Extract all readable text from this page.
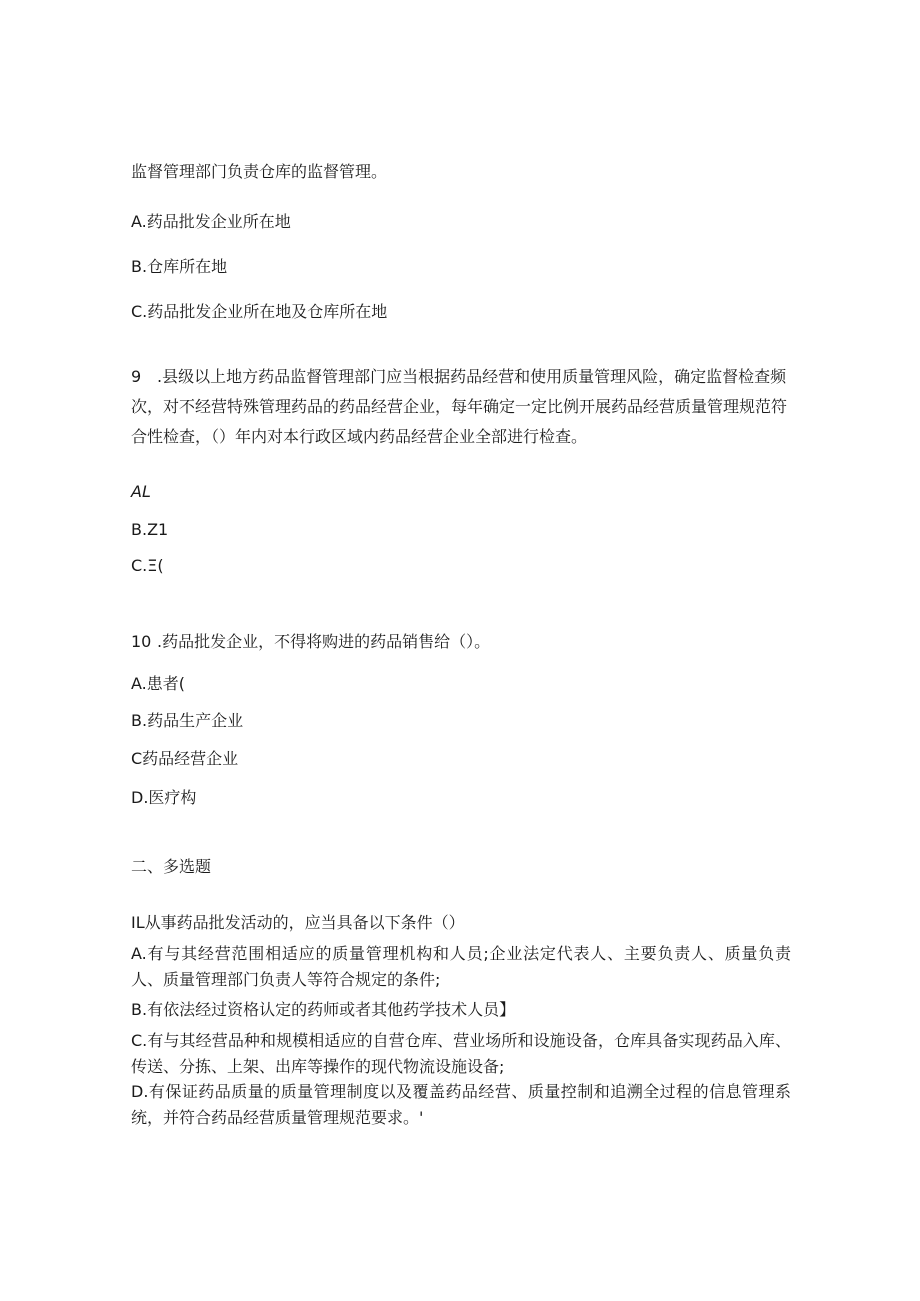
监督管理部门负责仓库的监督管理。

A.药品批发企业所在地

B.仓库所在地

C.药品批发企业所在地及仓库所在地

9 .县级以上地方药品监督管理部门应当根据药品经营和使用质量管理风险，确定监督检查频次，对不经营特殊管理药品的药品经营企业，每年确定一定比例开展药品经营质量管理规范符合性检查，（）年内对本行政区域内药品经营企业全部进行检查。

AL

B.Z1

C.Ξ(

10 .药品批发企业，不得将购进的药品销售给（）。

A.患者(

B.药品生产企业

C药品经营企业

D.医疗构

二、多选题

IL从事药品批发活动的，应当具备以下条件（）

A.有与其经营范围相适应的质量管理机构和人员;企业法定代表人、主要负责人、质量负责人、质量管理部门负责人等符合规定的条件;
B.有依法经过资格认定的药师或者其他药学技术人员】
C.有与其经营品种和规模相适应的自营仓库、营业场所和设施设备，仓库具备实现药品入库、传送、分拣、上架、出库等操作的现代物流设施设备;
D.有保证药品质量的质量管理制度以及覆盖药品经营、质量控制和追溯全过程的信息管理系统，并符合药品经营质量管理规范要求。'
